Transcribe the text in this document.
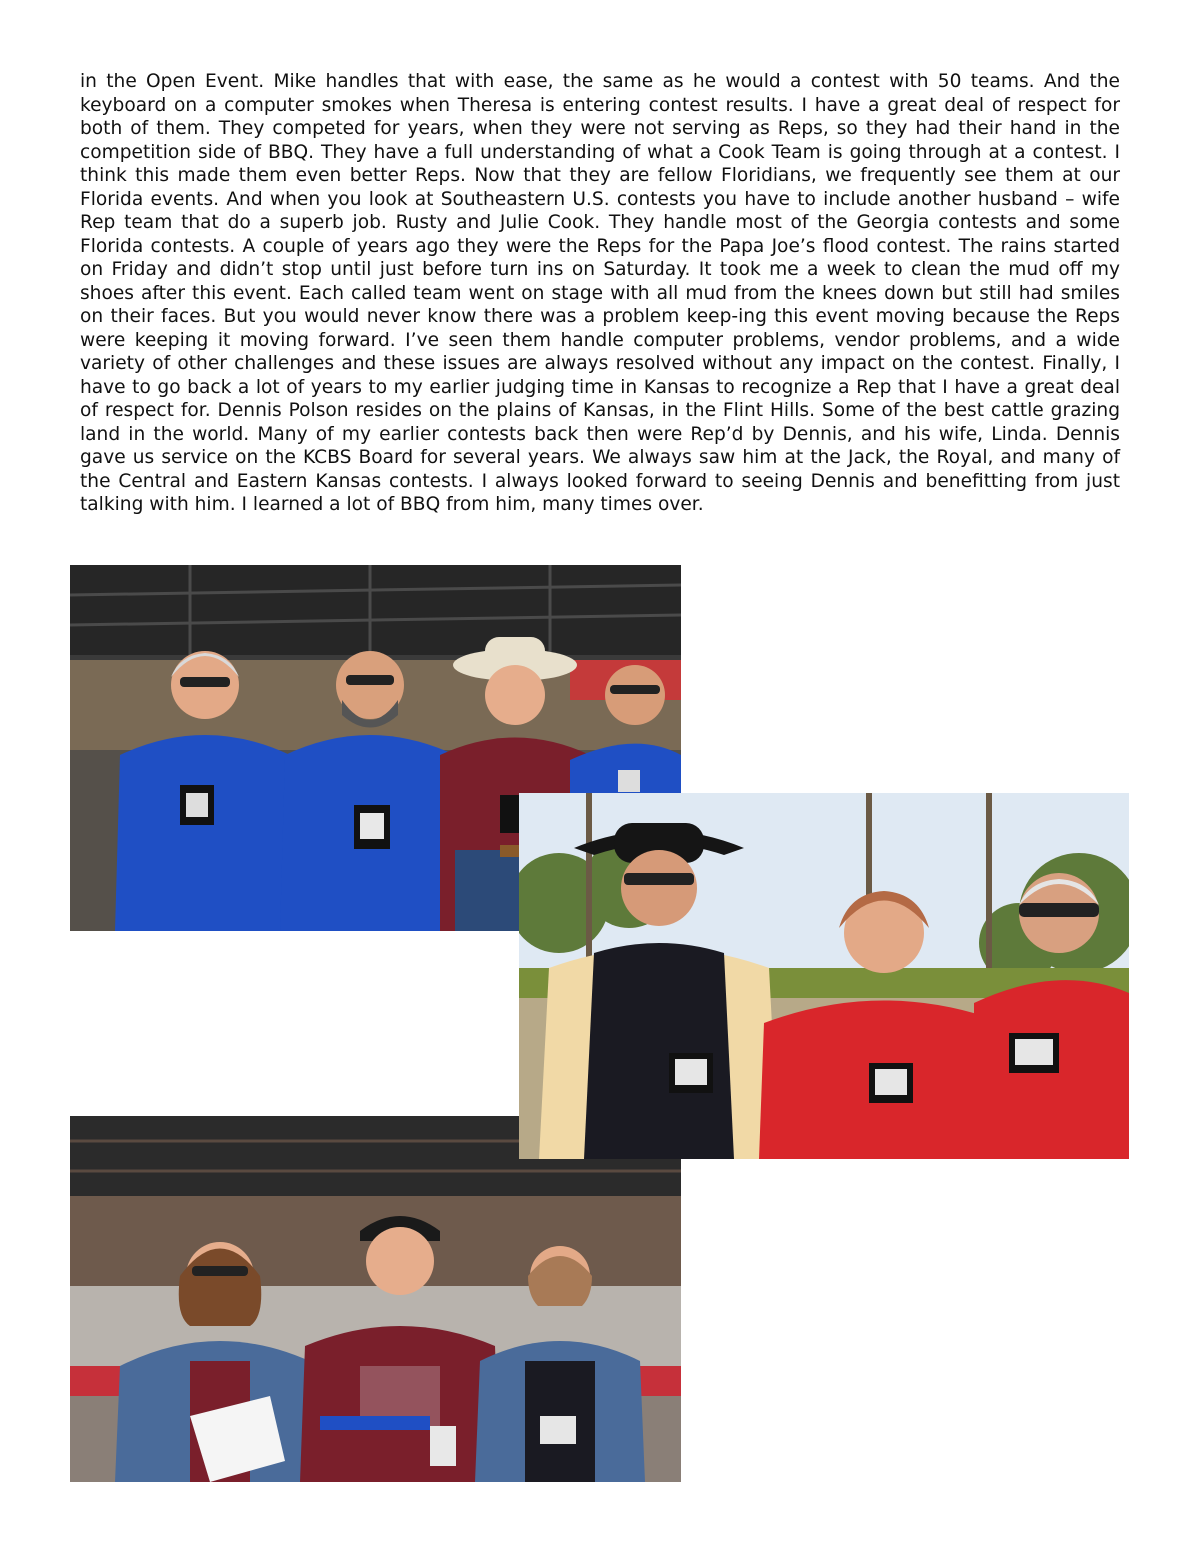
in the Open Event. Mike handles that with ease, the same as he would a contest with 50 teams. And the keyboard on a computer smokes when Theresa is entering contest results. I have a great deal of respect for both of them. They competed for years, when they were not serving as Reps, so they had their hand in the competition side of BBQ. They have a full understanding of what a Cook Team is going through at a contest. I think this made them even better Reps. Now that they are fellow Floridians, we frequently see them at our Florida events. And when you look at Southeastern U.S. contests you have to include another husband – wife Rep team that do a superb job. Rusty and Julie Cook. They handle most of the Georgia contests and some Florida contests. A couple of years ago they were the Reps for the Papa Joe’s flood contest. The rains started on Friday and didn’t stop until just before turn ins on Saturday. It took me a week to clean the mud off my shoes after this event. Each called team went on stage with all mud from the knees down but still had smiles on their faces. But you would never know there was a problem keep-ing this event moving because the Reps were keeping it moving forward. I’ve seen them handle computer problems, vendor problems, and a wide variety of other challenges and these issues are always resolved without any impact on the contest. Finally, I have to go back a lot of years to my earlier judging time in Kansas to recognize a Rep that I have a great deal of respect for. Dennis Polson resides on the plains of Kansas, in the Flint Hills. Some of the best cattle grazing land in the world. Many of my earlier contests back then were Rep’d by Dennis, and his wife, Linda. Dennis gave us service on the KCBS Board for several years. We always saw him at the Jack, the Royal, and many of the Central and Eastern Kansas contests. I always looked forward to seeing Dennis and benefitting from just talking with him. I learned a lot of BBQ from him, many times over.
